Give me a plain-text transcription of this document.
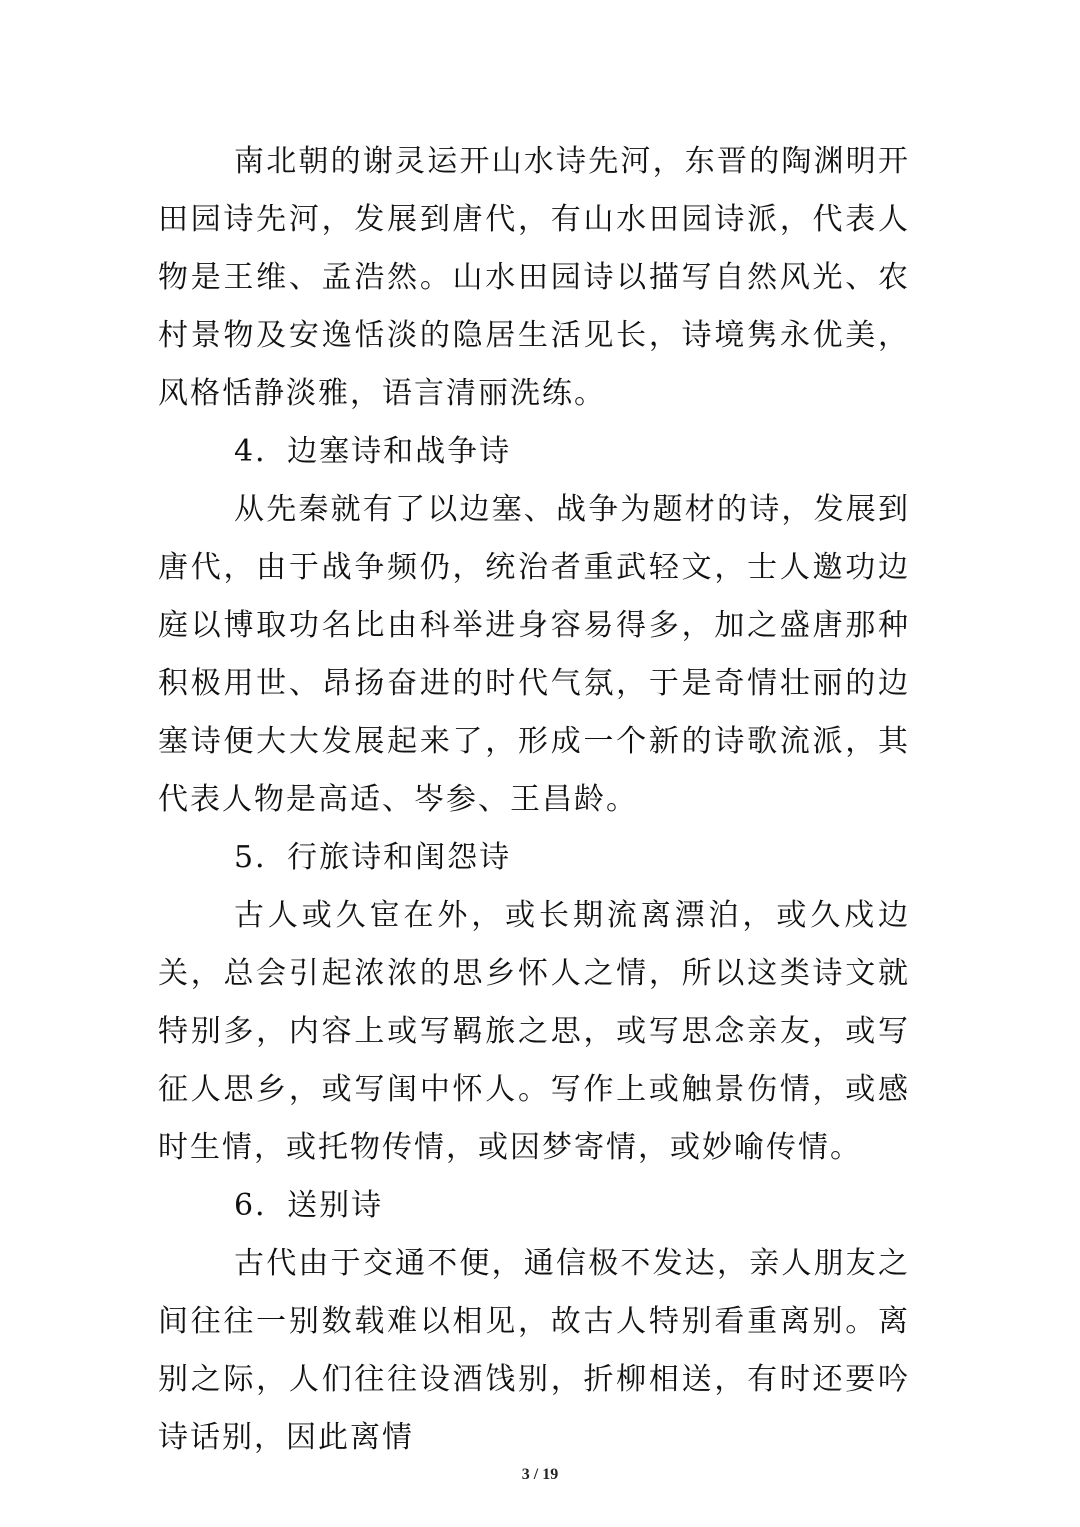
南北朝的谢灵运开山水诗先河，东晋的陶渊明开田园诗先河，发展到唐代，有山水田园诗派，代表人物是王维、孟浩然。山水田园诗以描写自然风光、农村景物及安逸恬淡的隐居生活见长，诗境隽永优美，风格恬静淡雅，语言清丽洗练。

4．边塞诗和战争诗

从先秦就有了以边塞、战争为题材的诗，发展到唐代，由于战争频仍，统治者重武轻文，士人邀功边庭以博取功名比由科举进身容易得多，加之盛唐那种积极用世、昂扬奋进的时代气氛，于是奇情壮丽的边塞诗便大大发展起来了，形成一个新的诗歌流派，其代表人物是高适、岑参、王昌龄。

5．行旅诗和闺怨诗

古人或久宦在外，或长期流离漂泊，或久戍边关，总会引起浓浓的思乡怀人之情，所以这类诗文就特别多，内容上或写羁旅之思，或写思念亲友，或写征人思乡，或写闺中怀人。写作上或触景伤情，或感时生情，或托物传情，或因梦寄情，或妙喻传情。

6．送别诗

古代由于交通不便，通信极不发达，亲人朋友之间往往一别数载难以相见，故古人特别看重离别。离别之际，人们往往设酒饯别，折柳相送，有时还要吟诗话别，因此离情

3 / 19
